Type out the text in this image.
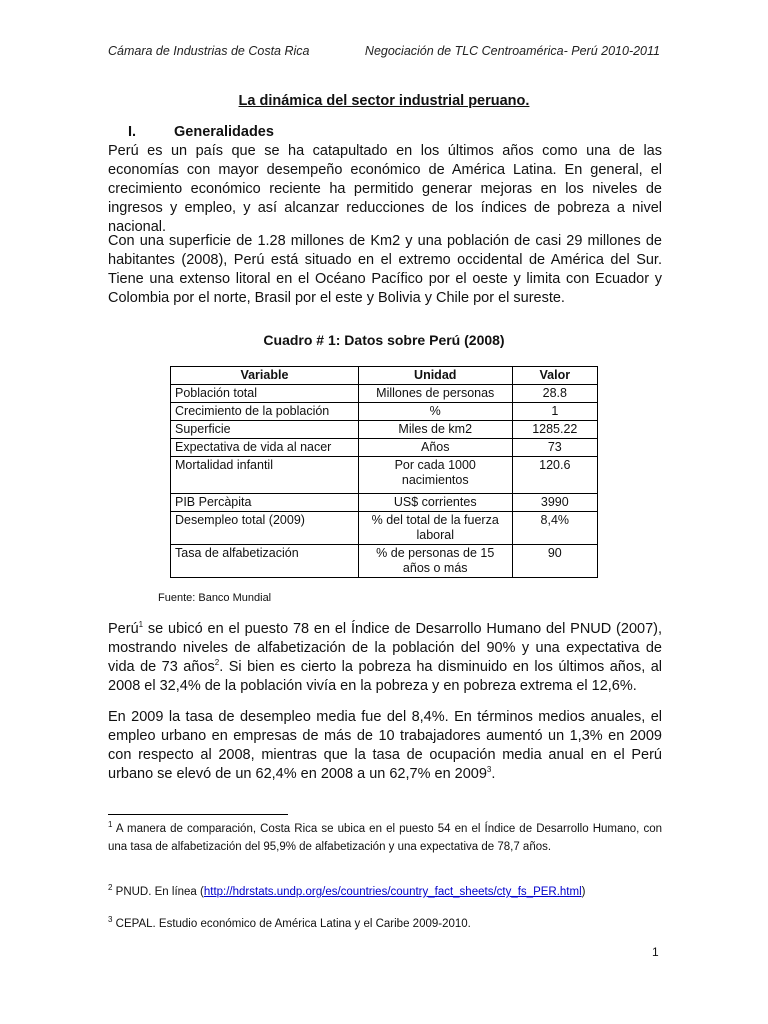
Cámara de Industrias de Costa Rica	Negociación de TLC Centroamérica- Perú 2010-2011
La dinámica del sector industrial peruano.
I.	Generalidades

Perú es un país que se ha catapultado en los últimos años como una de las economías con mayor desempeño económico de América Latina. En general, el crecimiento económico reciente ha permitido generar mejoras en los niveles de ingresos y empleo, y así alcanzar reducciones de los índices de pobreza a nivel nacional.

Con una superficie de 1.28 millones de Km2 y una población de casi 29 millones de habitantes (2008), Perú está situado en el extremo occidental de América del Sur. Tiene una extenso litoral en el Océano Pacífico por el oeste y limita con Ecuador y Colombia por el norte, Brasil por el este y Bolivia y Chile por el sureste.

Cuadro # 1: Datos sobre Perú (2008)
Variable	Unidad	Valor
Población total	Millones de personas	28.8
Crecimiento de la población	%	1
Superficie	Miles de km2	1285.22
Expectativa de vida al nacer	Años	73
Mortalidad infantil	Por cada 1000 nacimientos	120.6
PIB Percàpita	US$ corrientes	3990
Desempleo total (2009)	% del total de la fuerza laboral	8,4%
Tasa de alfabetización	% de personas de 15 años o más	90
Fuente: Banco Mundial

Perú$^1$ se ubicó en el puesto 78 en el Índice de Desarrollo Humano del PNUD (2007), mostrando niveles de alfabetización de la población del 90% y una expectativa de vida de 73 años$^2$. Si bien es cierto la pobreza ha disminuido en los últimos años, al 2008 el 32,4% de la población vivía en la pobreza y en pobreza extrema el 12,6%.

En 2009 la tasa de desempleo media fue del 8,4%. En términos medios anuales, el empleo urbano en empresas de más de 10 trabajadores aumentó un 1,3% en 2009 con respecto al 2008, mientras que la tasa de ocupación media anual en el Perú urbano se elevó de un 62,4% en 2008 a un 62,7% en 2009$^3$.

$^1$ A manera de comparación, Costa Rica se ubica en el puesto 54 en el Índice de Desarrollo Humano, con una tasa de alfabetización del 95,9% de alfabetización y una expectativa de 78,7 años.

$^2$ PNUD. En línea (http://hdrstats.undp.org/es/countries/country_fact_sheets/cty_fs_PER.html)

$^3$ CEPAL. Estudio económico de América Latina y el Caribe 2009-2010.

1
